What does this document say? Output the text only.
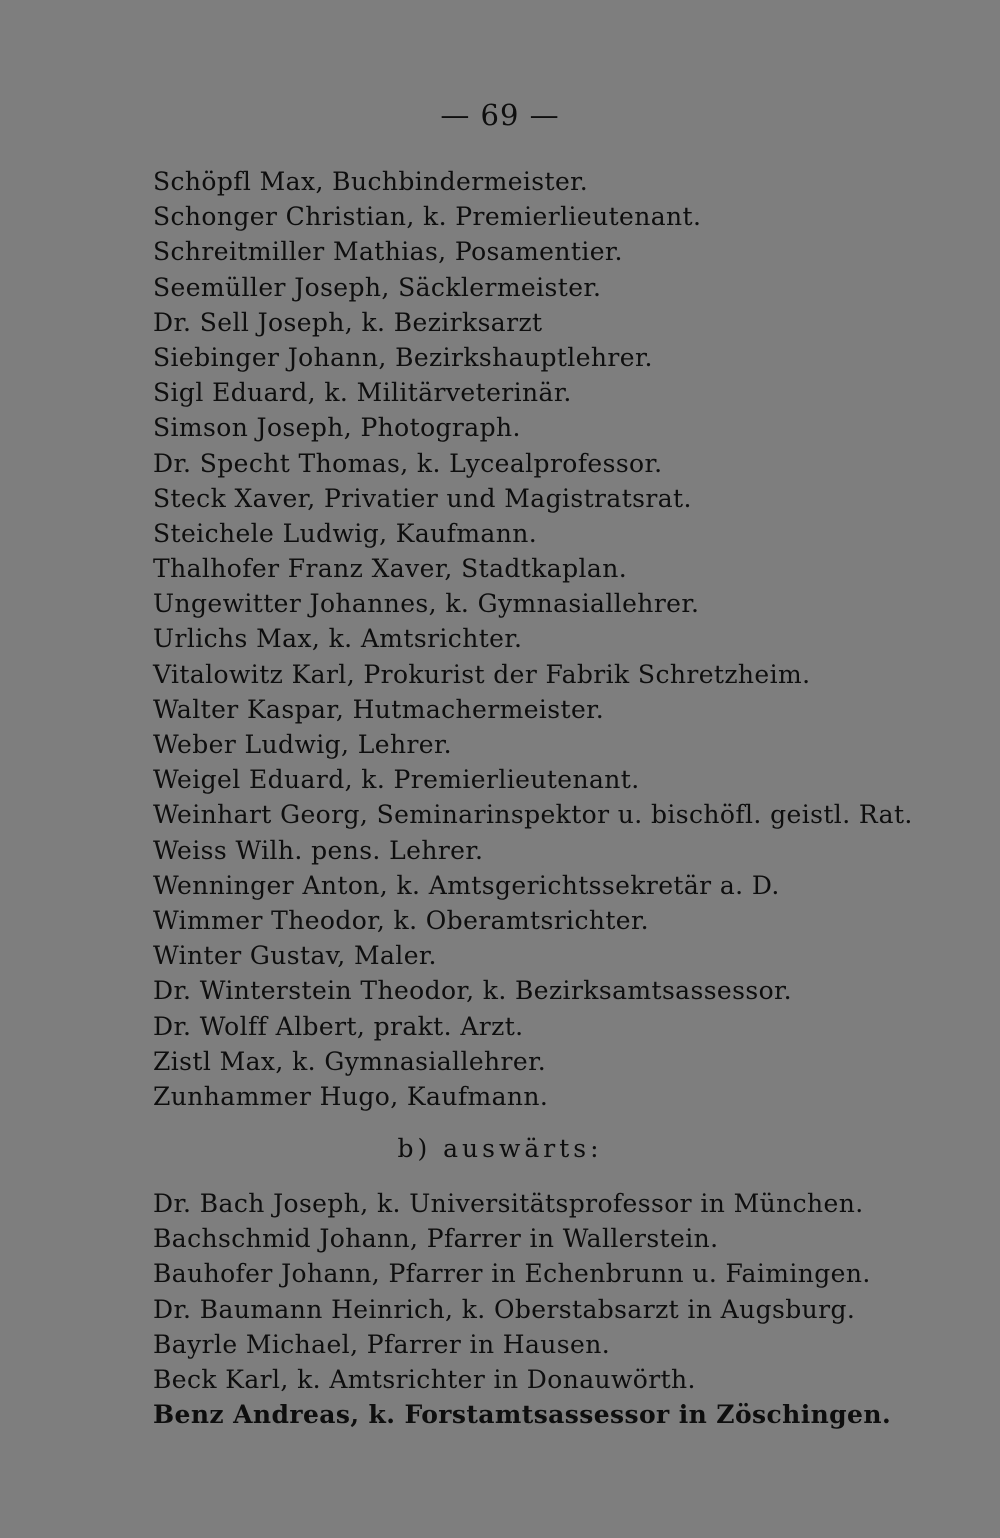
— 69 —
Schöpfl Max, Buchbindermeister.
Schonger Christian, k. Premierlieutenant.
Schreitmiller Mathias, Posamentier.
Seemüller Joseph, Säcklermeister.
Dr. Sell Joseph, k. Bezirksarzt
Siebinger Johann, Bezirkshauptlehrer.
Sigl Eduard, k. Militärveterinär.
Simson Joseph, Photograph.
Dr. Specht Thomas, k. Lycealprofessor.
Steck Xaver, Privatier und Magistratsrat.
Steichele Ludwig, Kaufmann.
Thalhofer Franz Xaver, Stadtkaplan.
Ungewitter Johannes, k. Gymnasiallehrer.
Urlichs Max, k. Amtsrichter.
Vitalowitz Karl, Prokurist der Fabrik Schretzheim.
Walter Kaspar, Hutmachermeister.
Weber Ludwig, Lehrer.
Weigel Eduard, k. Premierlieutenant.
Weinhart Georg, Seminarinspektor u. bischöfl. geistl. Rat.
Weiss Wilh. pens. Lehrer.
Wenninger Anton, k. Amtsgerichtssekretär a. D.
Wimmer Theodor, k. Oberamtsrichter.
Winter Gustav, Maler.
Dr. Winterstein Theodor, k. Bezirksamtsassessor.
Dr. Wolff Albert, prakt. Arzt.
Zistl Max, k. Gymnasiallehrer.
Zunhammer Hugo, Kaufmann.
b) auswärts:
Dr. Bach Joseph, k. Universitätsprofessor in München.
Bachschmid Johann, Pfarrer in Wallerstein.
Bauhofer Johann, Pfarrer in Echenbrunn u. Faimingen.
Dr. Baumann Heinrich, k. Oberstabsarzt in Augsburg.
Bayrle Michael, Pfarrer in Hausen.
Beck Karl, k. Amtsrichter in Donauwörth.
Benz Andreas, k. Forstamtsassessor in Zöschingen.
